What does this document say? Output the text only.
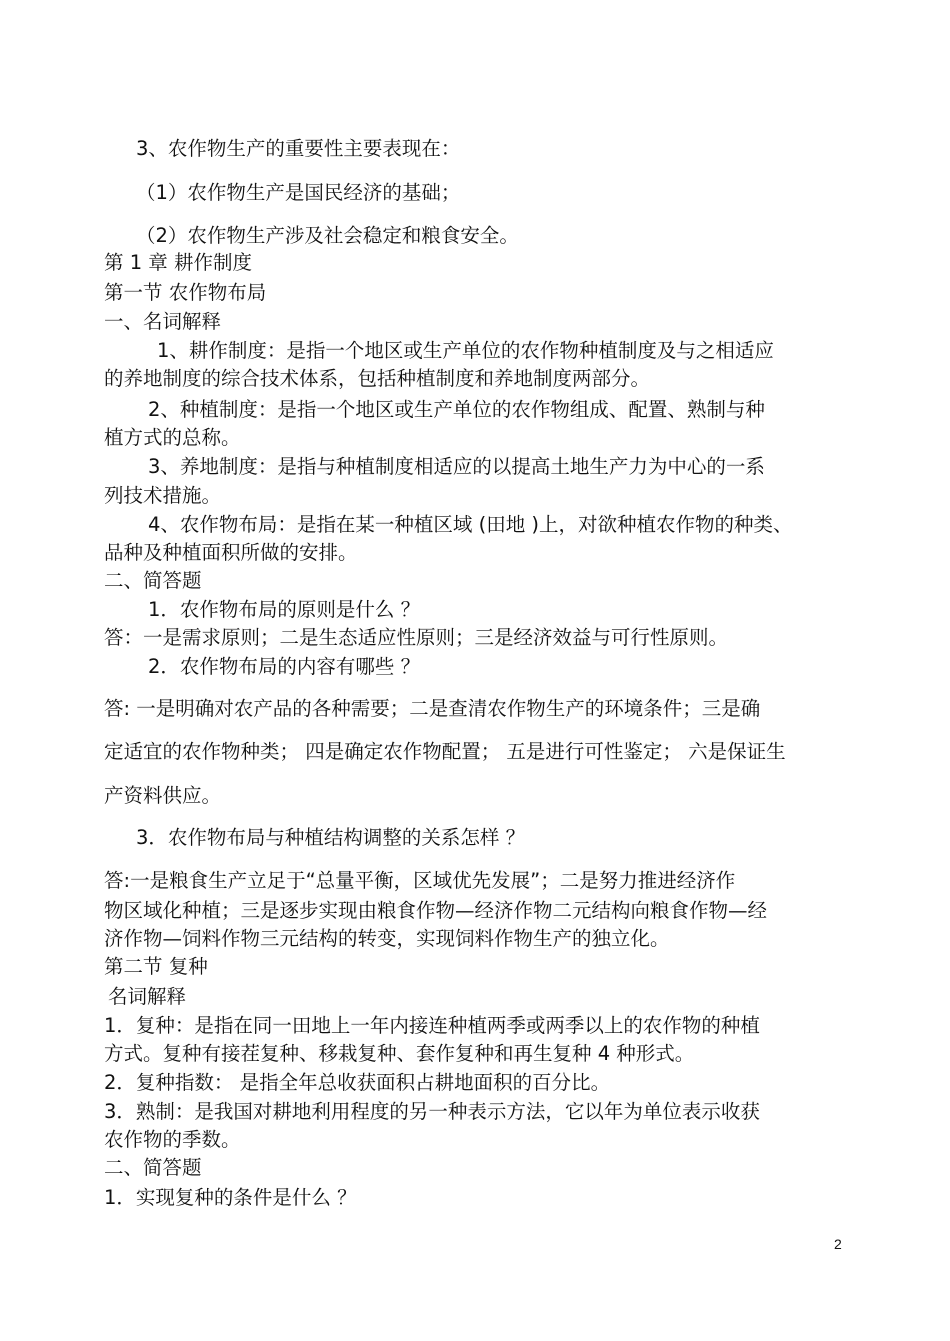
3、农作物生产的重要性主要表现在：
（1）农作物生产是国民经济的基础；
（2）农作物生产涉及社会稳定和粮食安全。
第 1 章 耕作制度
第一节 农作物布局
一、名词解释
1、耕作制度：是指一个地区或生产单位的农作物种植制度及与之相适应
的养地制度的综合技术体系，包括种植制度和养地制度两部分。
2、种植制度：是指一个地区或生产单位的农作物组成、配置、熟制与种
植方式的总称。
3、养地制度：是指与种植制度相适应的以提高土地生产力为中心的一系
列技术措施。
4、农作物布局：是指在某一种植区域 (田地 )上，对欲种植农作物的种类、
品种及种植面积所做的安排。
二、简答题
1．农作物布局的原则是什么 ？
答：一是需求原则；二是生态适应性原则；三是经济效益与可行性原则。
2．农作物布局的内容有哪些 ？
答: 一是明确对农产品的各种需要；二是查清农作物生产的环境条件；三是确
定适宜的农作物种类； 四是确定农作物配置； 五是进行可性鉴定； 六是保证生
产资料供应。
3．农作物布局与种植结构调整的关系怎样 ？
答:一是粮食生产立足于“总量平衡，区域优先发展”；二是努力推进经济作
物区域化种植；三是逐步实现由粮食作物—经济作物二元结构向粮食作物—经
济作物—饲料作物三元结构的转变，实现饲料作物生产的独立化。
第二节 复种
名词解释
1．复种：是指在同一田地上一年内接连种植两季或两季以上的农作物的种植
方式。复种有接茬复种、移栽复种、套作复种和再生复种 4 种形式。
2．复种指数： 是指全年总收获面积占耕地面积的百分比。
3．熟制：是我国对耕地利用程度的另一种表示方法，它以年为单位表示收获
农作物的季数。
二、简答题
1．实现复种的条件是什么 ？
2
